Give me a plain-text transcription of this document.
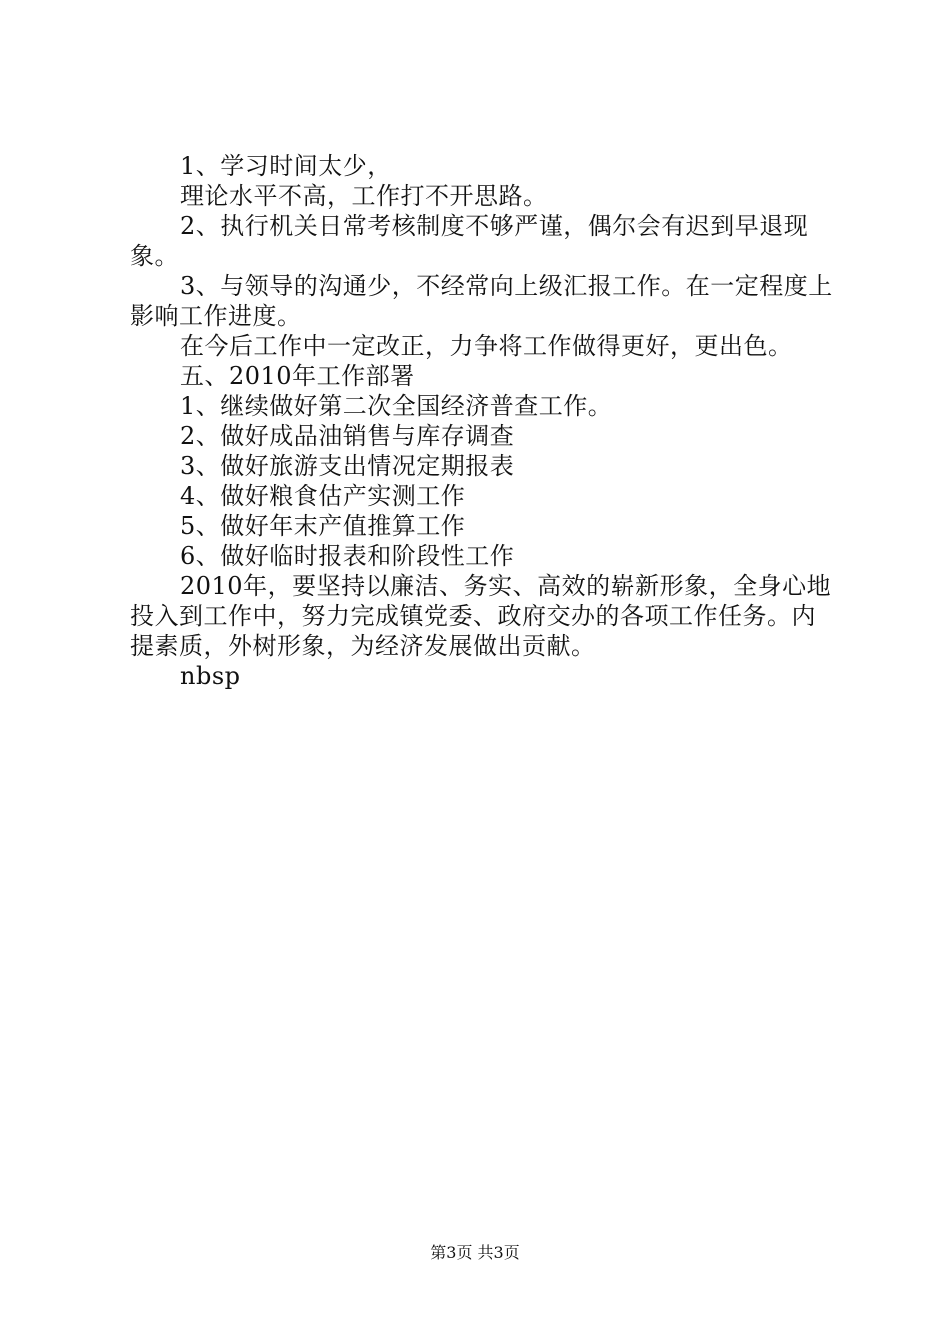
1、学习时间太少，

理论水平不高，工作打不开思路。

2、执行机关日常考核制度不够严谨，偶尔会有迟到早退现象。

3、与领导的沟通少，不经常向上级汇报工作。在一定程度上影响工作进度。

在今后工作中一定改正，力争将工作做得更好，更出色。

五、2010年工作部署

1、继续做好第二次全国经济普查工作。

2、做好成品油销售与库存调查

3、做好旅游支出情况定期报表

4、做好粮食估产实测工作

5、做好年末产值推算工作

6、做好临时报表和阶段性工作

2010年，要坚持以廉洁、务实、高效的崭新形象，全身心地投入到工作中，努力完成镇党委、政府交办的各项工作任务。内提素质，外树形象，为经济发展做出贡献。

nbsp

第3页 共3页
